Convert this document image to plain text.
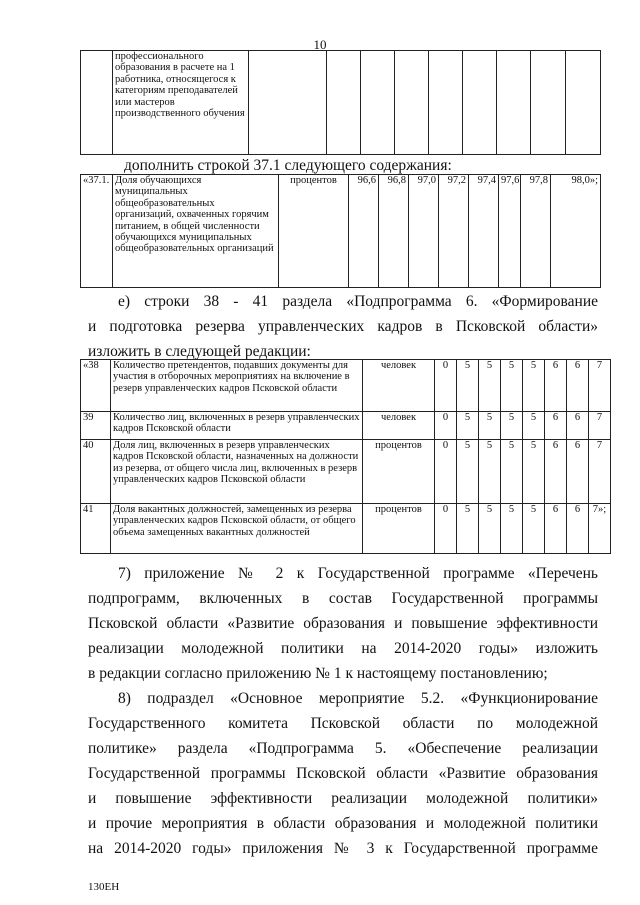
10
	профессионального образования в расчете на 1 работника, относящегося к категориям преподавателей или мастеров производственного обучения									
дополнить строкой 37.1 следующего содержания:
«37.1.	Доля обучающихся муниципальных общеобразовательных организаций, охваченных горячим питанием, в общей численности обучающихся муниципальных общеобразовательных организаций	процентов	96,6	96,8	97,0	97,2	97,4	97,6	97,8	98,0»;
е) строки 38 - 41 раздела «Подпрограмма 6. «Формирование
и подготовка резерва управленческих кадров в Псковской области»
изложить в следующей редакции:
«38	Количество претендентов, подавших документы для участия в отборочных мероприятиях на включение в резерв управленческих кадров Псковской области	человек	0	5	5	5	5	6	6	7
39	Количество лиц, включенных в резерв управленческих кадров Псковской области	человек	0	5	5	5	5	6	6	7
40	Доля лиц, включенных в резерв управленческих кадров Псковской области, назначенных на должности из резерва, от общего числа лиц, включенных в резерв управленческих кадров Псковской области	процентов	0	5	5	5	5	6	6	7
41	Доля вакантных должностей, замещенных из резерва управленческих кадров Псковской области, от общего объема замещенных вакантных должностей	процентов	0	5	5	5	5	6	6	7»;
7) приложение № 2 к Государственной программе «Перечень
подпрограмм, включенных в состав Государственной программы
Псковской области «Развитие образования и повышение эффективности
реализации молодежной политики на 2014-2020 годы» изложить
в редакции согласно приложению № 1 к настоящему постановлению;
8) подраздел «Основное мероприятие 5.2. «Функционирование
Государственного комитета Псковской области по молодежной
политике» раздела «Подпрограмма 5. «Обеспечение реализации
Государственной программы Псковской области «Развитие образования
и повышение эффективности реализации молодежной политики»
и прочие мероприятия в области образования и молодежной политики
на 2014-2020 годы» приложения № 3 к Государственной программе
130ЕН
